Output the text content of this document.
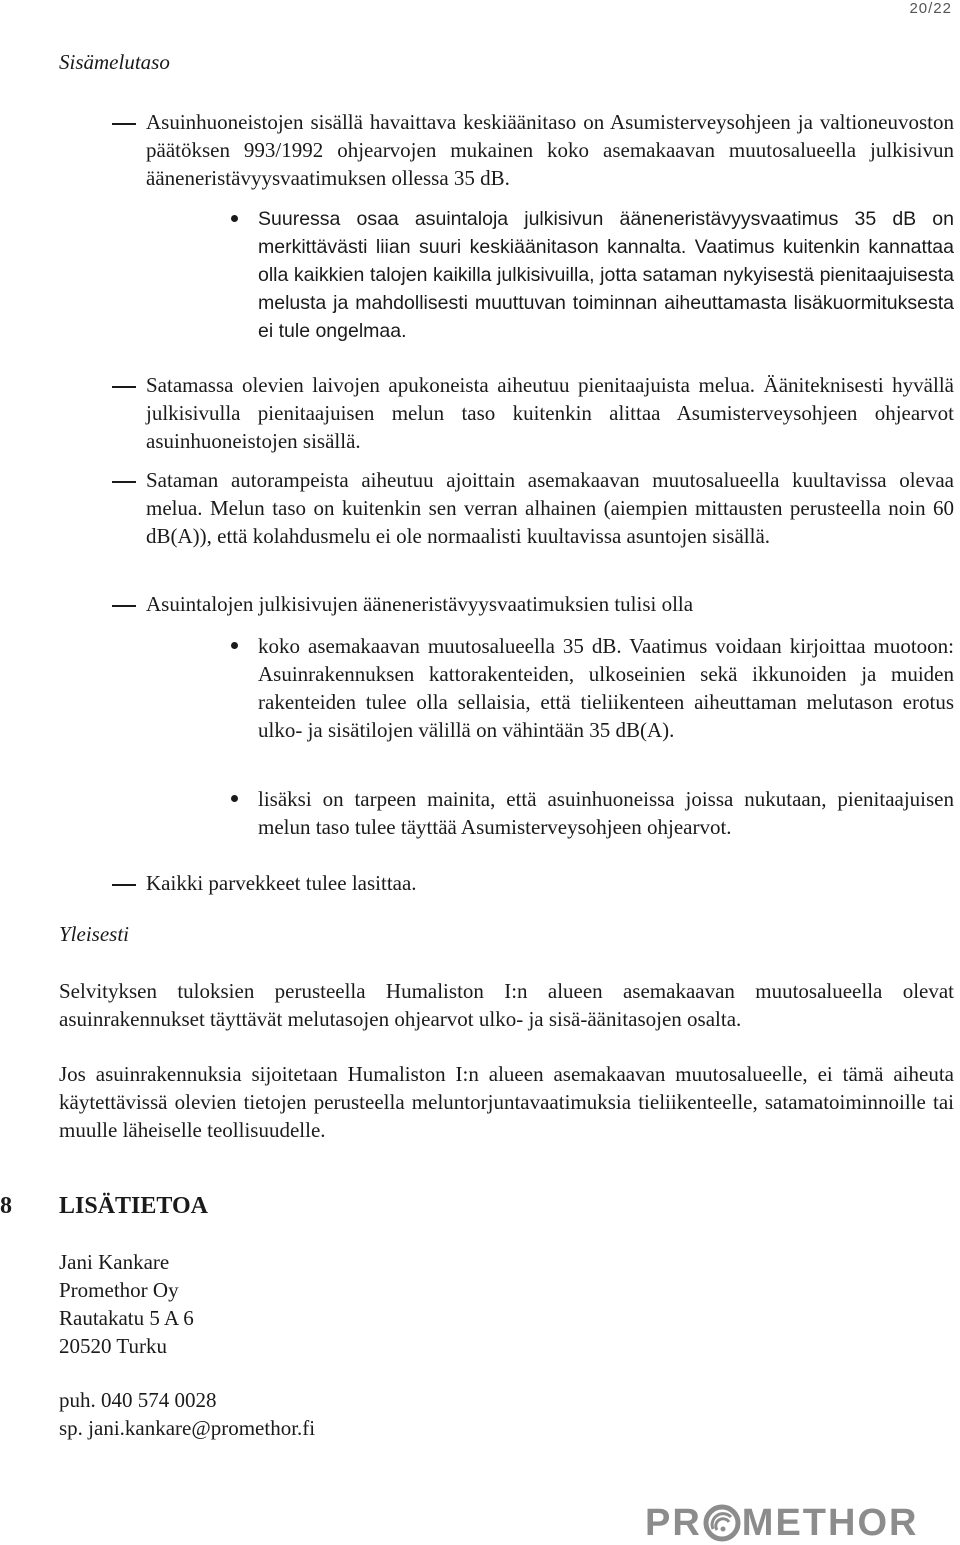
20/22
Sisämelutaso
Asuinhuoneistojen sisällä havaittava keskiäänitaso on Asumisterveysohjeen ja valtioneuvoston päätöksen 993/1992 ohjearvojen mukainen koko asemakaavan muutosalueella julkisivun ääneneristävyysvaatimuksen ollessa 35 dB.
Suuressa osaa asuintaloja julkisivun ääneneristävyysvaatimus 35 dB on merkittävästi liian suuri keskiäänitason kannalta. Vaatimus kuitenkin kannattaa olla kaikkien talojen kaikilla julkisivuilla, jotta sataman nykyisestä pienitaajuisesta melusta ja mahdollisesti muuttuvan toiminnan aiheuttamasta lisäkuormituksesta ei tule ongelmaa.
Satamassa olevien laivojen apukoneista aiheutuu pienitaajuista melua. Ääniteknisesti hyvällä julkisivulla pienitaajuisen melun taso kuitenkin alittaa Asumisterveysohjeen ohjearvot asuinhuoneistojen sisällä.
Sataman autorampeista aiheutuu ajoittain asemakaavan muutosalueella kuultavissa olevaa melua. Melun taso on kuitenkin sen verran alhainen (aiempien mittausten perusteella noin 60 dB(A)), että kolahdusmelu ei ole normaalisti kuultavissa asuntojen sisällä.
Asuintalojen julkisivujen ääneneristävyysvaatimuksien tulisi olla
koko asemakaavan muutosalueella 35 dB. Vaatimus voidaan kirjoittaa muotoon: Asuinrakennuksen kattorakenteiden, ulkoseinien sekä ikkunoiden ja muiden rakenteiden tulee olla sellaisia, että tieliikenteen aiheuttaman melutason erotus ulko- ja sisätilojen välillä on vähintään 35 dB(A).
lisäksi on tarpeen mainita, että asuinhuoneissa joissa nukutaan, pienitaajuisen melun taso tulee täyttää Asumisterveysohjeen ohjearvot.
Kaikki parvekkeet tulee lasittaa.
Yleisesti
Selvityksen tuloksien perusteella Humaliston I:n alueen asemakaavan muutosalueella olevat asuinrakennukset täyttävät melutasojen ohjearvot ulko- ja sisä-äänitasojen osalta.
Jos asuinrakennuksia sijoitetaan Humaliston I:n alueen asemakaavan muutosalueelle, ei tämä aiheuta käytettävissä olevien tietojen perusteella meluntorjuntavaatimuksia tieliikenteelle, satamatoiminnoille tai muulle läheiselle teollisuudelle.
8 LISÄTIETOA
Jani Kankare
Promethor Oy
Rautakatu 5 A 6
20520 Turku
puh. 040 574 0028
sp. jani.kankare@promethor.fi
PR METHOR
